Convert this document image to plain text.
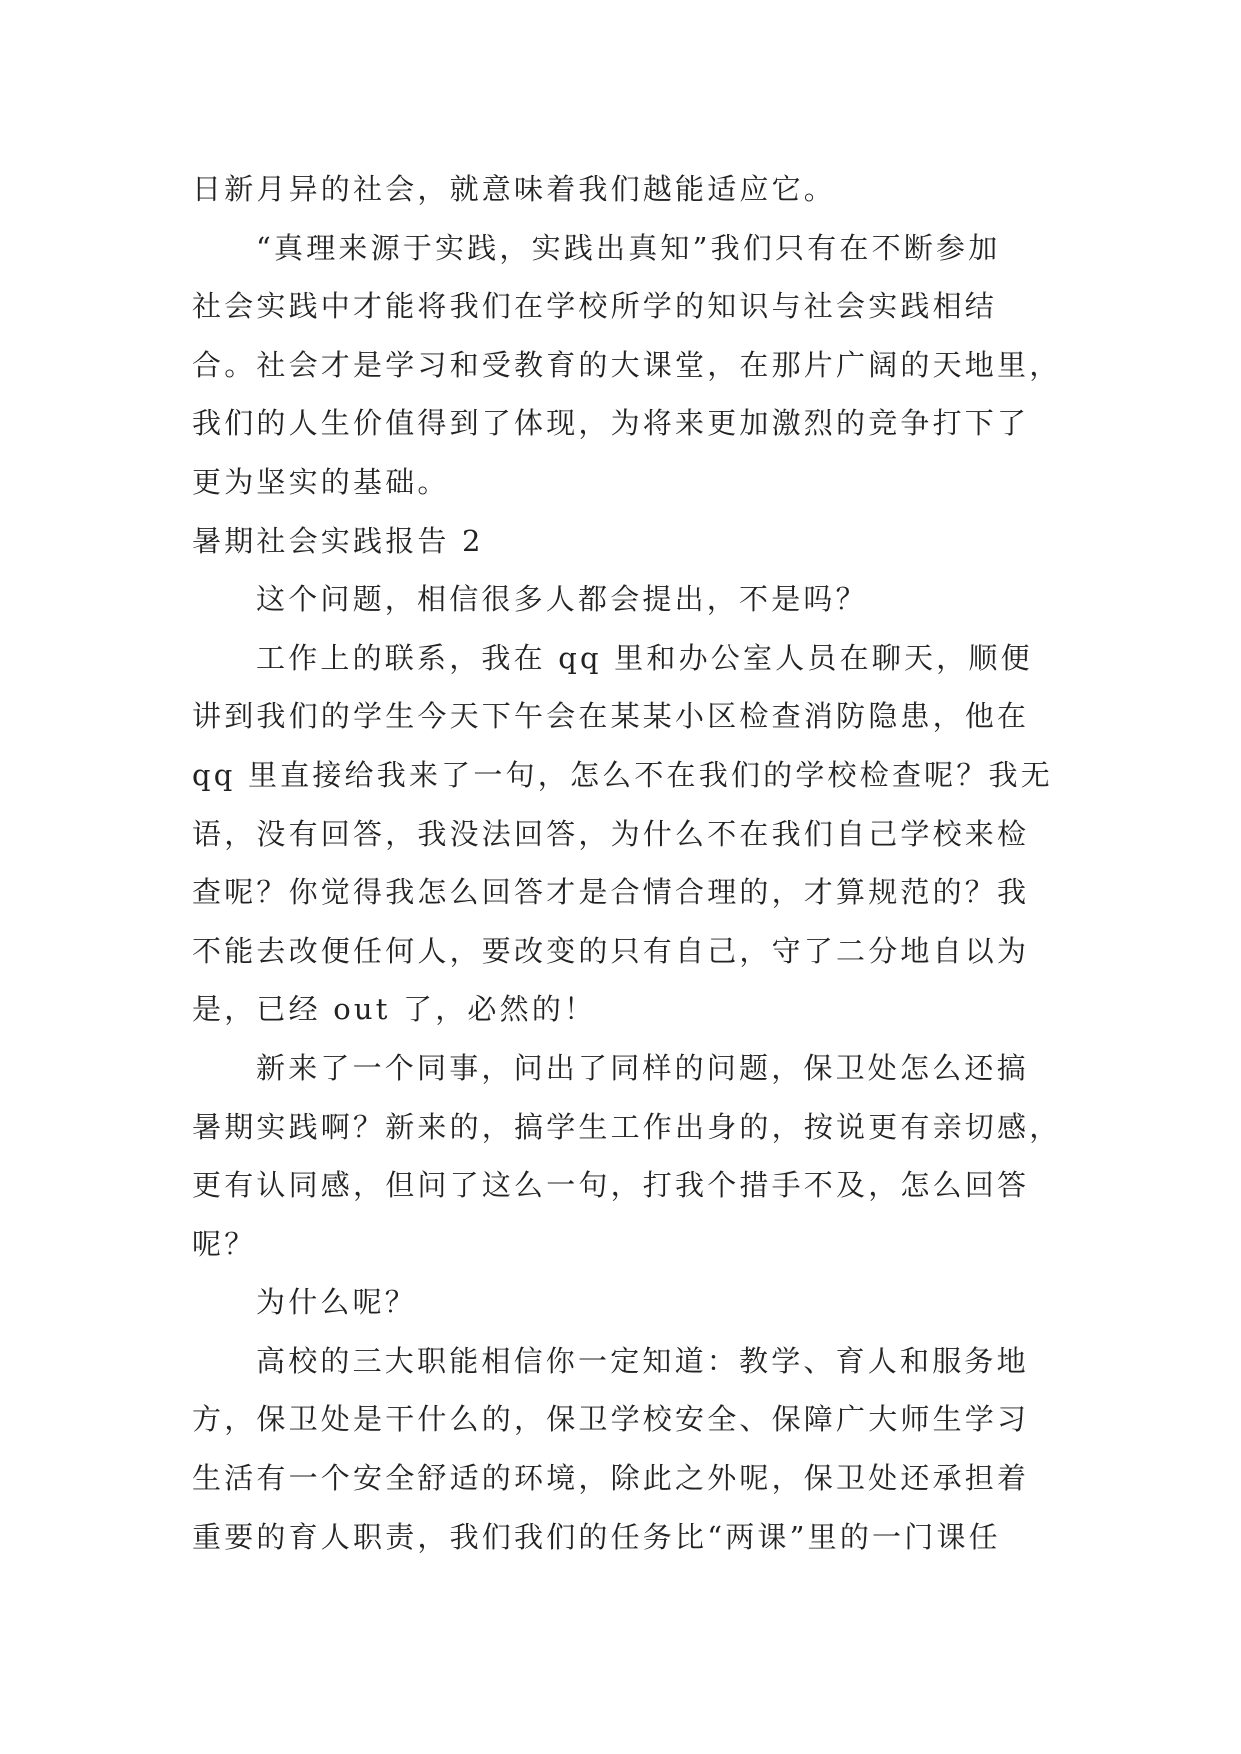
日新月异的社会，就意味着我们越能适应它。
“真理来源于实践，实践出真知”我们只有在不断参加
社会实践中才能将我们在学校所学的知识与社会实践相结
合。社会才是学习和受教育的大课堂，在那片广阔的天地里，
我们的人生价值得到了体现，为将来更加激烈的竞争打下了
更为坚实的基础。
暑期社会实践报告 2
这个问题，相信很多人都会提出，不是吗？
工作上的联系，我在 qq 里和办公室人员在聊天，顺便
讲到我们的学生今天下午会在某某小区检查消防隐患，他在
qq 里直接给我来了一句，怎么不在我们的学校检查呢？我无
语，没有回答，我没法回答，为什么不在我们自己学校来检
查呢？你觉得我怎么回答才是合情合理的，才算规范的？我
不能去改便任何人，要改变的只有自己，守了二分地自以为
是，已经 out 了，必然的！
新来了一个同事，问出了同样的问题，保卫处怎么还搞
暑期实践啊？新来的，搞学生工作出身的，按说更有亲切感，
更有认同感，但问了这么一句，打我个措手不及，怎么回答
呢？
为什么呢？
高校的三大职能相信你一定知道：教学、育人和服务地
方，保卫处是干什么的，保卫学校安全、保障广大师生学习
生活有一个安全舒适的环境，除此之外呢，保卫处还承担着
重要的育人职责，我们我们的任务比“两课”里的一门课任
